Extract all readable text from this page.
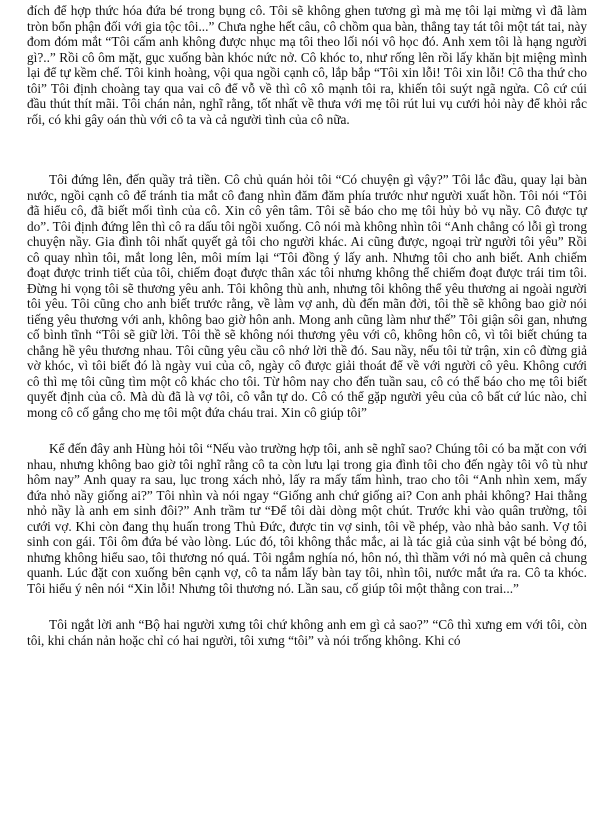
đích để hợp thức hóa đứa bé trong bụng cô. Tôi sẽ không ghen tương gì mà mẹ tôi lại mừng vì đã làm tròn bổn phận đối với gia tộc tôi...” Chưa nghe hết câu, cô chồm qua bàn, thẳng tay tát tôi một tát tai, này đom đóm mắt “Tôi cấm anh không được nhục mạ tôi theo lối nói vô học đó. Anh xem tôi là hạng người gì?..” Rồi cô ôm mặt, gục xuống bàn khóc nức nở. Cô khóc to, như rống lên rồi lấy khăn bịt miệng mình lại để tự kềm chế. Tôi kinh hoàng, vội qua ngồi cạnh cô, lắp bắp “Tôi xin lỗi! Tôi xin lỗi! Cô tha thứ cho tôi” Tôi định choàng tay qua vai cô để vỗ về thì cô xô mạnh tôi ra, khiến tôi suýt ngã ngửa. Cô cứ cúi đầu thút thít mãi. Tôi chán nản, nghĩ rằng, tốt nhất về thưa với mẹ tôi rút lui vụ cưới hỏi này để khỏi rắc rối, có khi gây oán thù với cô ta và cả người tình của cô nữa.

Tôi đứng lên, đến quầy trả tiền. Cô chủ quán hỏi tôi “Có chuyện gì vậy?” Tôi lắc đầu, quay lại bàn nước, ngồi cạnh cô để tránh tia mắt cô đang nhìn đăm đăm phía trước như người xuất hồn. Tôi nói “Tôi đã hiểu cô, đã biết mối tình của cô. Xin cô yên tâm. Tôi sẽ báo cho mẹ tôi hủy bỏ vụ nầy. Cô được tự do”. Tôi định đứng lên thì cô ra dấu tôi ngồi xuống. Cô nói mà không nhìn tôi “Anh chẳng có lỗi gì trong chuyện nầy. Gia đình tôi nhất quyết gả tôi cho người khác. Ai cũng được, ngoại trừ người tôi yêu” Rồi cô quay nhìn tôi, mắt long lên, môi mím lại “Tôi đồng ý lấy anh. Nhưng tôi cho anh biết. Anh chiếm đoạt được trinh tiết của tôi, chiếm đoạt được thân xác tôi nhưng không thể chiếm đoạt được trái tim tôi. Đừng hi vọng tôi sẽ thương yêu anh. Tôi không thù anh, nhưng tôi không thể yêu thương ai ngoài người tôi yêu. Tôi cũng cho anh biết trước rằng, về làm vợ anh, dù đến mãn đời, tôi thề sẽ không bao giờ nói tiếng yêu thương với anh, không bao giờ hôn anh. Mong anh cũng làm như thế” Tôi giận sôi gan, nhưng cố bình tĩnh “Tôi sẽ giữ lời. Tôi thề sẽ không nói thương yêu với cô, không hôn cô, vì tôi biết chúng ta chẳng hề yêu thương nhau. Tôi cũng yêu cầu cô nhớ lời thề đó. Sau nầy, nếu tôi tử trận, xin cô đừng giả vờ khóc, vì tôi biết đó là ngày vui của cô, ngày cô được giải thoát để về với người cô yêu. Không cưới cô thì mẹ tôi cũng tìm một cô khác cho tôi. Từ hôm nay cho đến tuần sau, cô có thể báo cho mẹ tôi biết quyết định của cô. Mà dù đã là vợ tôi, cô vẫn tự do. Cô có thể gặp người yêu của cô bất cứ lúc nào, chỉ mong cô cố gắng cho mẹ tôi một đứa cháu trai. Xin cô giúp tôi”

Kể đến đây anh Hùng hỏi tôi “Nếu vào trường hợp tôi, anh sẽ nghĩ sao? Chúng tôi có ba mặt con với nhau, nhưng không bao giờ tôi nghĩ rằng cô ta còn lưu lại trong gia đình tôi cho đến ngày tôi vô tù như hôm nay” Anh quay ra sau, lục trong xách nhỏ, lấy ra mấy tấm hình, trao cho tôi “Anh nhìn xem, mấy đứa nhỏ nầy giống ai?” Tôi nhìn và nói ngay “Giống anh chứ giống ai? Con anh phải không? Hai thằng nhỏ nầy là anh em sinh đôi?” Anh trầm tư “Để tôi dài dòng một chút. Trước khi vào quân trường, tôi cưới vợ. Khi còn đang thụ huấn trong Thủ Đức, được tin vợ sinh, tôi về phép, vào nhà bảo sanh. Vợ tôi sinh con gái. Tôi ôm đứa bé vào lòng. Lúc đó, tôi không thắc mắc, ai là tác giả của sinh vật bé bỏng đó, nhưng không hiểu sao, tôi thương nó quá. Tôi ngắm nghía nó, hôn nó, thì thầm với nó mà quên cả chung quanh. Lúc đặt con xuống bên cạnh vợ, cô ta nắm lấy bàn tay tôi, nhìn tôi, nước mắt ứa ra. Cô ta khóc. Tôi hiểu ý nên nói “Xin lỗi! Nhưng tôi thương nó. Lần sau, cố giúp tôi một thằng con trai...”

Tôi ngắt lời anh “Bộ hai người xưng tôi chứ không anh em gì cả sao?” “Cô thì xưng em với tôi, còn tôi, khi chán nản hoặc chỉ có hai người, tôi xưng “tôi” và nói trống không. Khi có
